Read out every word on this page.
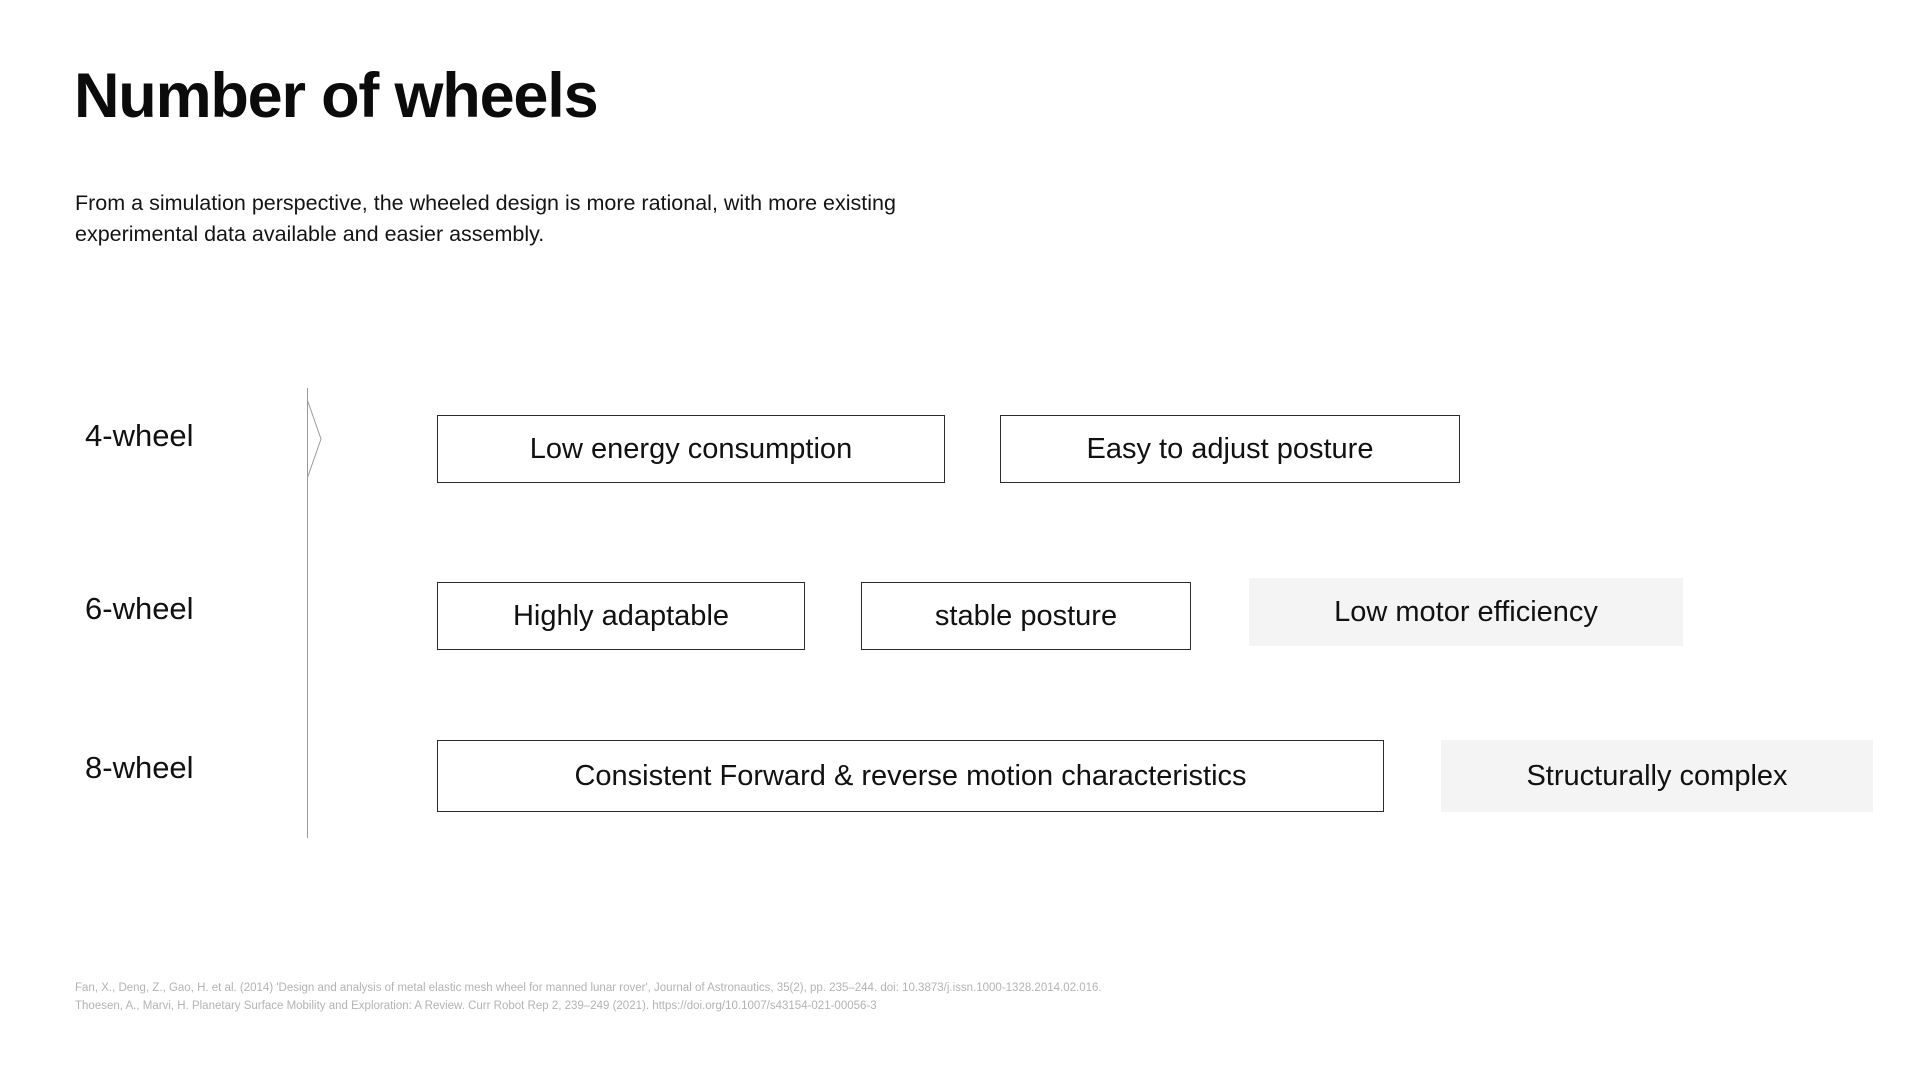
Number of wheels
From a simulation perspective, the wheeled design is more rational, with more existing experimental data available and easier assembly.
4-wheel
6-wheel
8-wheel
Low energy consumption	Easy to adjust posture
Highly adaptable	stable posture	Low motor efficiency
Consistent Forward & reverse motion characteristics	Structurally complex
Fan, X., Deng, Z., Gao, H. et al. (2014) 'Design and analysis of metal elastic mesh wheel for manned lunar rover', Journal of Astronautics, 35(2), pp. 235–244. doi: 10.3873/j.issn.1000-1328.2014.02.016.
Thoesen, A., Marvi, H. Planetary Surface Mobility and Exploration: A Review. Curr Robot Rep 2, 239–249 (2021). https://doi.org/10.1007/s43154-021-00056-3
